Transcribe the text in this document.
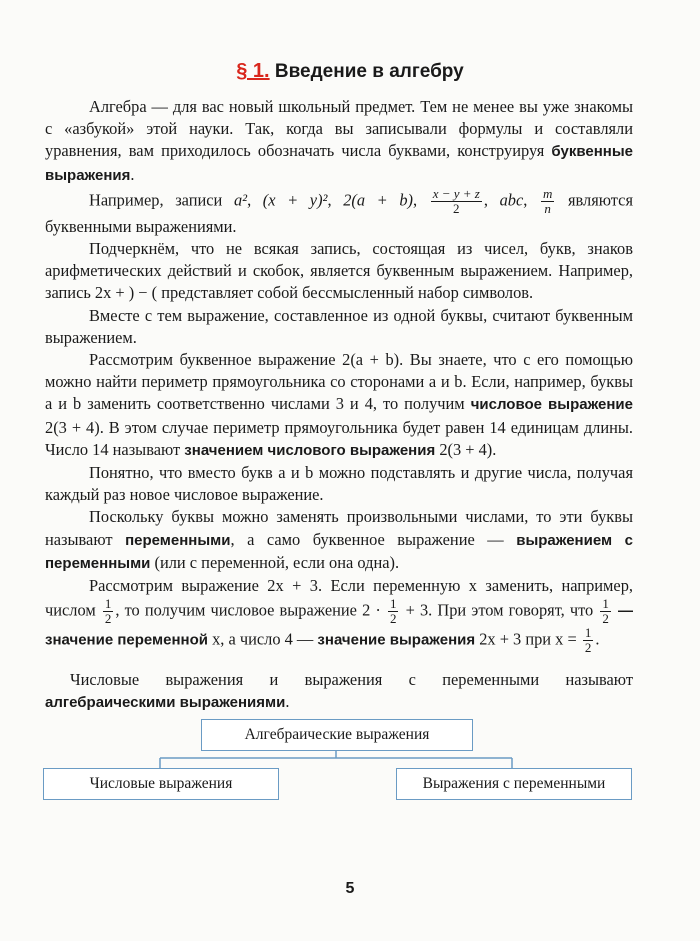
§ 1. Введение в алгебру

Алгебра — для вас новый школьный предмет. Тем не менее вы уже знакомы с «азбукой» этой науки. Так, когда вы записывали формулы и составляли уравнения, вам приходилось обозначать числа буквами, конструируя буквенные выражения.

Например, записи a², (x + y)², 2(a + b), $\frac{x - y + z}{2}$ , abc, $\frac{m}{n}$ являются буквенными выражениями.

Подчеркнём, что не всякая запись, состоящая из чисел, букв, знаков арифметических действий и скобок, является буквенным выражением. Например, запись 2x + ) − ( представляет собой бессмысленный набор символов.

Вместе с тем выражение, составленное из одной буквы, считают буквенным выражением.

Рассмотрим буквенное выражение 2(a + b). Вы знаете, что с его помощью можно найти периметр прямоугольника со сторонами a и b. Если, например, буквы a и b заменить соответственно числами 3 и 4, то получим числовое выражение 2(3 + 4). В этом случае периметр прямоугольника будет равен 14 единицам длины. Число 14 называют значением числового выражения 2(3 + 4).

Понятно, что вместо букв a и b можно подставлять и другие числа, получая каждый раз новое числовое выражение.

Поскольку буквы можно заменять произвольными числами, то эти буквы называют переменными, а само буквенное выражение — выражением с переменными (или с переменной, если она одна).

Рассмотрим выражение 2x + 3. Если переменную x заменить, например, числом $\frac{1}{2}$ , то получим числовое выражение $2 \cdot \frac{1}{2} + 3$. При этом говорят, что $\frac{1}{2}$ — значение переменной x, а число 4 — значение выражения 2x + 3 при $x = \frac{1}{2}$ .

Числовые выражения и выражения с переменными называют алгебраическими выражениями.

Алгебраические выражения
Числовые выражения	Выражения с переменными
5
